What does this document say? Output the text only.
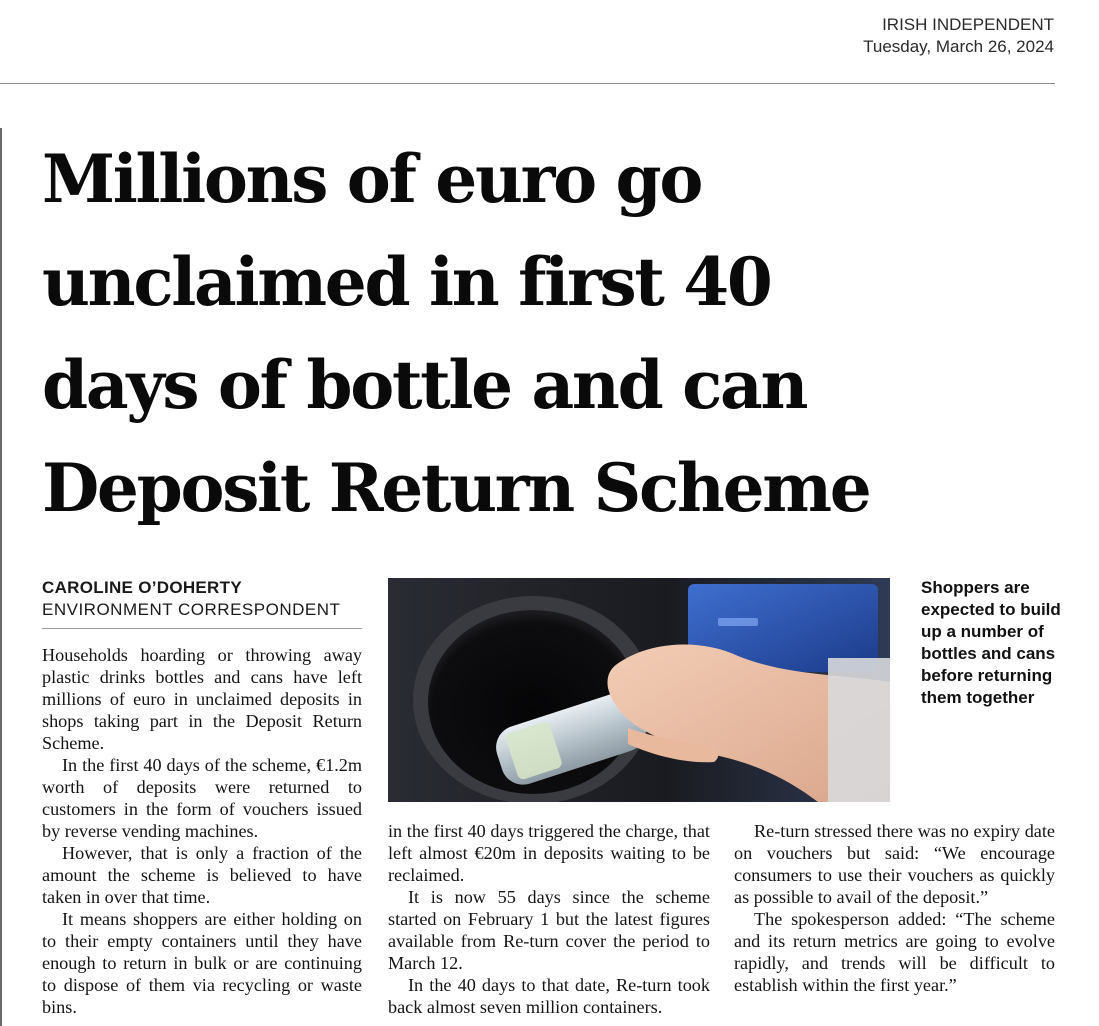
IRISH INDEPENDENT
Tuesday, March 26, 2024
Millions of euro go
unclaimed in first 40
days of bottle and can
Deposit Return Scheme
CAROLINE O’DOHERTY
ENVIRONMENT CORRESPONDENT

Households hoarding or throwing away plastic drinks bottles and cans have left millions of euro in unclaimed deposits in shops taking part in the Deposit Return Scheme.

In the first 40 days of the scheme, €1.2m worth of deposits were returned to customers in the form of vouchers issued by reverse vending machines.

However, that is only a fraction of the amount the scheme is believed to have taken in over that time.

It means shoppers are either holding on to their empty containers until they have enough to return in bulk or are continuing to dispose of them via recycling or waste bins.

Shoppers are expected to build up a number of bottles and cans before returning them together

in the first 40 days triggered the charge, that left almost €20m in deposits waiting to be reclaimed.

It is now 55 days since the scheme started on February 1 but the latest figures available from Re-turn cover the period to March 12.

In the 40 days to that date, Re-turn took back almost seven million containers.

Re-turn stressed there was no expiry date on vouchers but said: “We encourage consumers to use their vouchers as quickly as possible to avail of the deposit.”

The spokesperson added: “The scheme and its return metrics are going to evolve rapidly, and trends will be difficult to establish within the first year.”
